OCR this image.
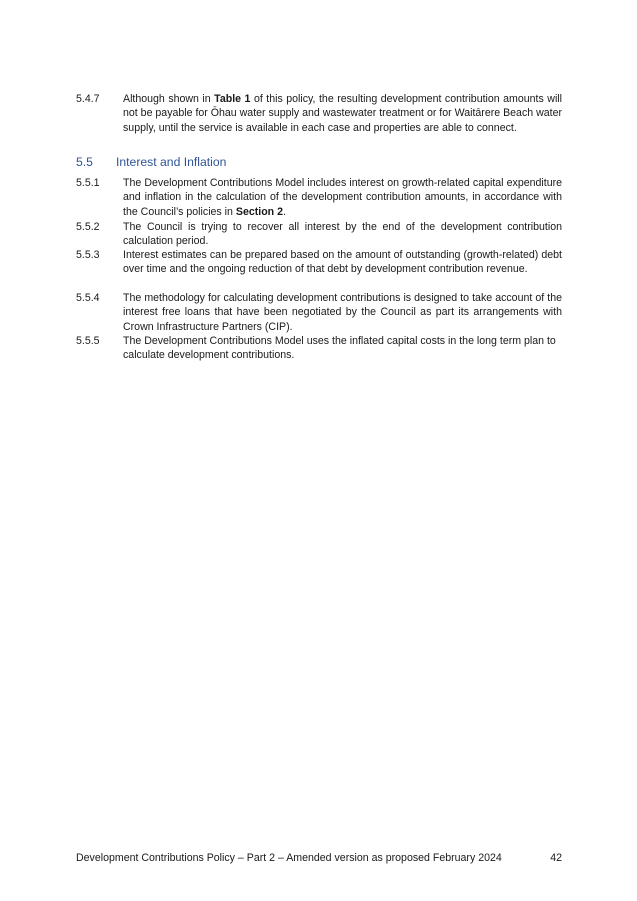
5.4.7	Although shown in Table 1 of this policy, the resulting development contribution amounts will not be payable for Ōhau water supply and wastewater treatment or for Waitārere Beach water supply, until the service is available in each case and properties are able to connect.
5.5	Interest and Inflation
5.5.1	The Development Contributions Model includes interest on growth-related capital expenditure and inflation in the calculation of the development contribution amounts, in accordance with the Council’s policies in Section 2.
5.5.2	The Council is trying to recover all interest by the end of the development contribution calculation period.
5.5.3	Interest estimates can be prepared based on the amount of outstanding (growth-related) debt over time and the ongoing reduction of that debt by development contribution revenue.
5.5.4	The methodology for calculating development contributions is designed to take account of the interest free loans that have been negotiated by the Council as part its arrangements with Crown Infrastructure Partners (CIP).
5.5.5	The Development Contributions Model uses the inflated capital costs in the long term plan to calculate development contributions.
Development Contributions Policy – Part 2 – Amended version as proposed February 2024	42
